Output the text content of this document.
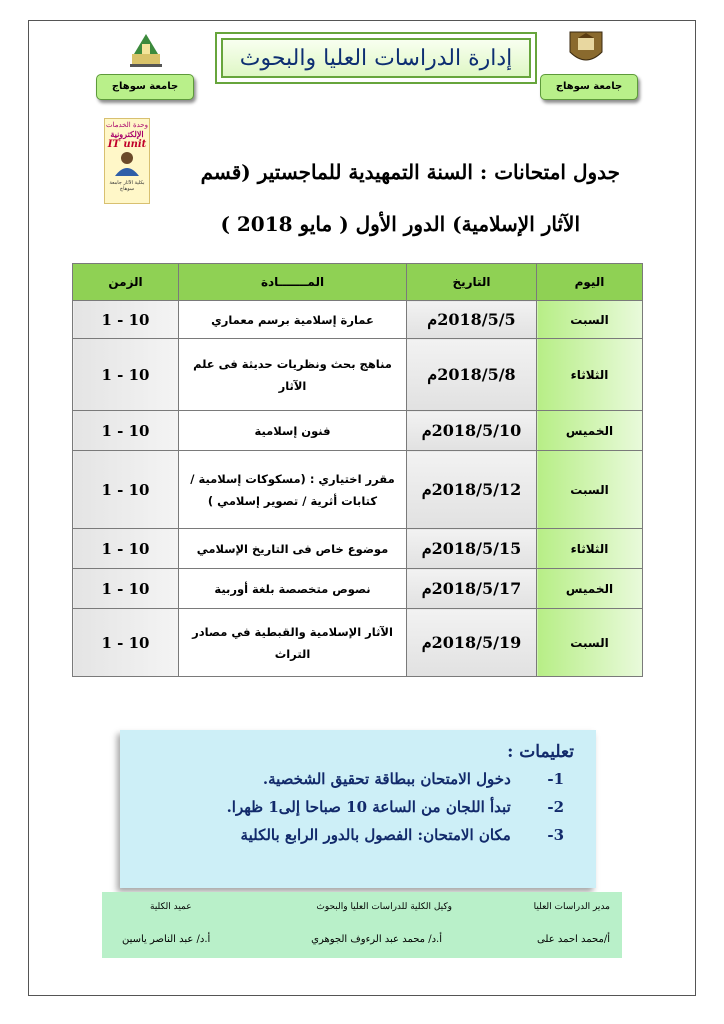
جامعة سوهاج
إدارة الدراسات العليا والبحوث
جامعة سوهاج
وحدة الخدمات
الإلكترونية
IT unit
بكلية الآثار جامعة سوهاج
جدول امتحانات : السنة التمهيدية للماجستير (قسم
الآثار الإسلامية) الدور الأول ( مايو 2018 )
اليوم	التاريخ	المـــــــادة	الزمن
السبت	2018/5/5م	عمارة إسلامية برسم معماري	10 - 1
الثلاثاء	2018/5/8م	مناهج بحث ونظريات حديثة فى علم الآثار	10 - 1
الخميس	2018/5/10م	فنون إسلامية	10 - 1
السبت	2018/5/12م	مقرر اختياري : (مسكوكات إسلامية / كتابات أثرية / تصوير إسلامي )	10 - 1
الثلاثاء	2018/5/15م	موضوع خاص فى التاريخ الإسلامي	10 - 1
الخميس	2018/5/17م	نصوص متخصصة بلغة أوربية	10 - 1
السبت	2018/5/19م	الآثار الإسلامية والقبطية في مصادر التراث	10 - 1
تعليمات :
1- دخول الامتحان ببطاقة تحقيق الشخصية.
2- تبدأ اللجان من الساعة 10 صباحا إلى1 ظهرا.
3- مكان الامتحان: الفصول بالدور الرابع بالكلية
مدير الدراسات العليا
أ/محمد احمد على
وكيل الكلية للدراسات العليا والبحوث
أ.د/ محمد عبد الرءوف الجوهري
عميد الكلية
أ.د/ عبد الناصر ياسين
